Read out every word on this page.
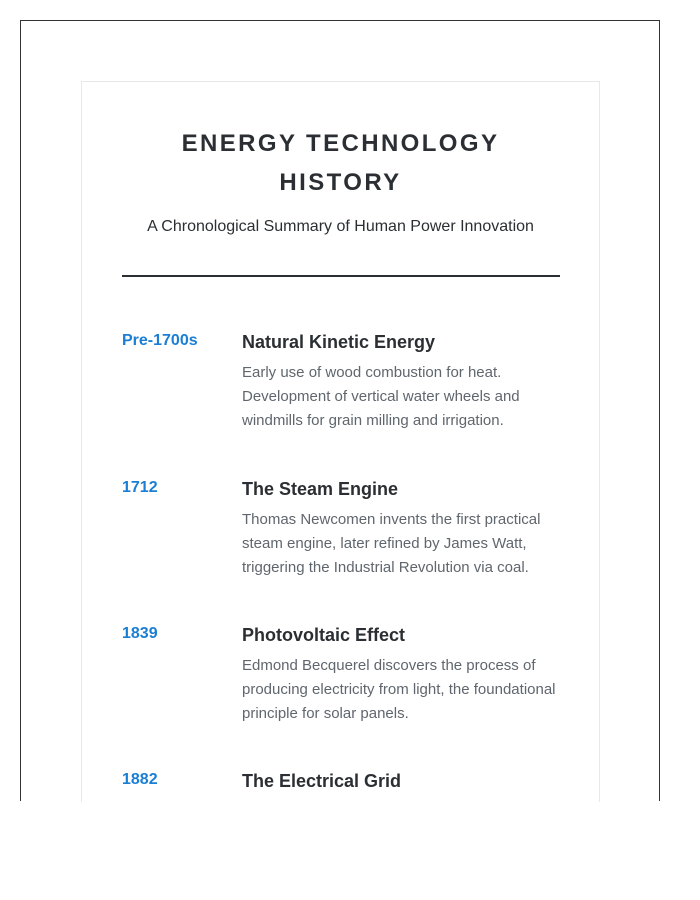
ENERGY TECHNOLOGY HISTORY
A Chronological Summary of Human Power Innovation
Pre-1700s Natural Kinetic Energy
Early use of wood combustion for heat. Development of vertical water wheels and windmills for grain milling and irrigation.
1712	The Steam Engine
Thomas Newcomen invents the first practical steam engine, later refined by James Watt, triggering the Industrial Revolution via coal.
1839	Photovoltaic Effect
Edmond Becquerel discovers the process of producing electricity from light, the foundational principle for solar panels.
1882	The Electrical Grid
